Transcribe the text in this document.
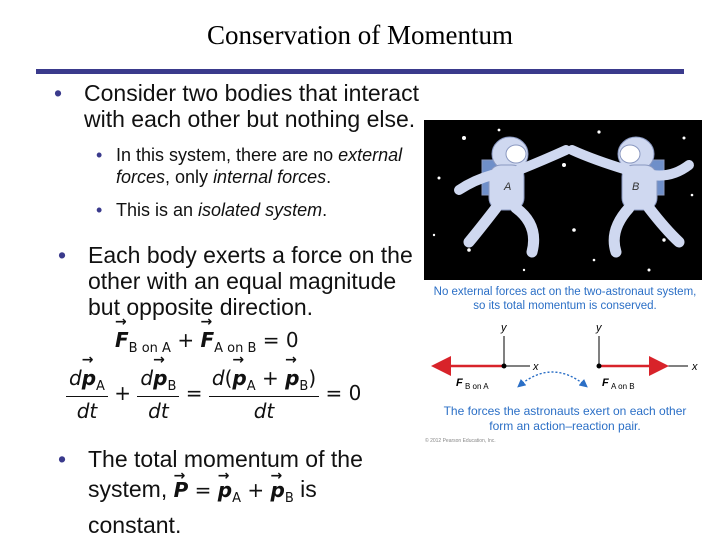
Conservation of Momentum
• Consider two bodies that interact with each other but nothing else.
• In this system, there are no external forces, only internal forces.
• This is an isolated system.
• Each body exerts a force on the other with an equal magnitude but opposite direction.
→ $F_{B on A}$ + → $F_{A on B} = 0$
$\frac{d\to p_A}{dt} + \frac{d\to p_B}{dt} = \frac{d(\to p_A + \to p_B)}{dt} = 0$
• The total momentum of the
system, → P = → $p_A$ + → $p_B$ is
constant.
A	B
No external forces act on the two-astronaut system, so its total momentum is conserved.
y
x
y
x
F B on A	F A on B
The forces the astronauts exert on each other form an action–reaction pair.
© 2012 Pearson Education, Inc.
